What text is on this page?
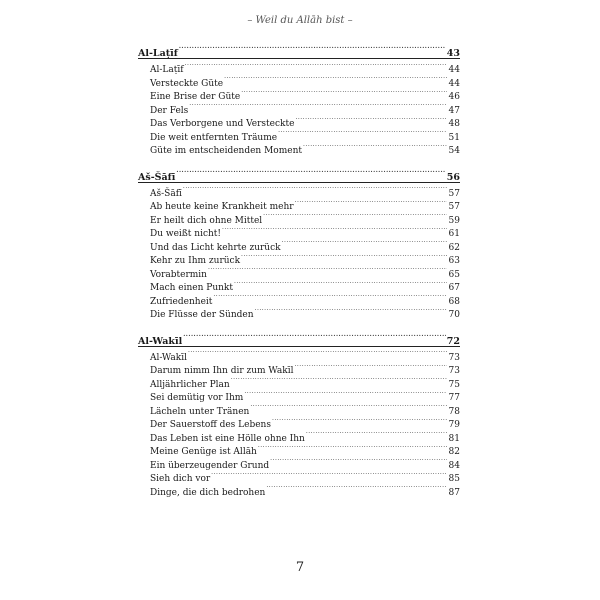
– Weil du Allāh bist –
Al-Laṭīf .....	43
Al-Laṭīf .....	44
Versteckte Güte .....	44
Eine Brise der Güte .....	46
Der Fels .....	47
Das Verborgene und Versteckte .....	48
Die weit entfernten Träume .....	51
Güte im entscheidenden Moment .....	54
Aš-Šāfī .....	56
Aš-Šāfī .....	57
Ab heute keine Krankheit mehr .....	57
Er heilt dich ohne Mittel .....	59
Du weißt nicht! .....	61
Und das Licht kehrte zurück .....	62
Kehr zu Ihm zurück .....	63
Vorabtermin .....	65
Mach einen Punkt .....	67
Zufriedenheit .....	68
Die Flüsse der Sünden .....	70
Al-Wakīl .....	72
Al-Wakīl .....	73
Darum nimm Ihn dir zum Wakīl .....	73
Alljährlicher Plan .....	75
Sei demütig vor Ihm .....	77
Lächeln unter Tränen .....	78
Der Sauerstoff des Lebens .....	79
Das Leben ist eine Hölle ohne Ihn .....	81
Meine Genüge ist Allāh .....	82
Ein überzeugender Grund .....	84
Sieh dich vor .....	85
Dinge, die dich bedrohen .....	87
7
